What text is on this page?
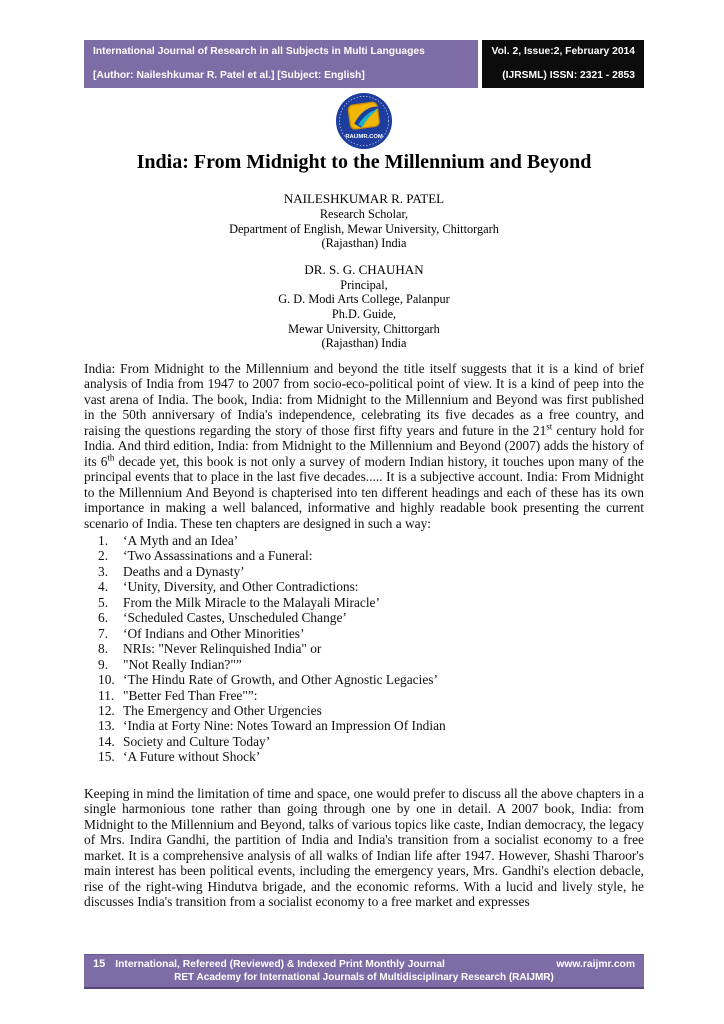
International Journal of Research in all Subjects in Multi Languages
[Author: Naileshkumar R. Patel et al.] [Subject: English]
Vol. 2, Issue:2, February 2014
(IJRSML) ISSN: 2321 - 2853
RAIJMR.COM
India: From Midnight to the Millennium and Beyond
NAILESHKUMAR R. PATEL
Research Scholar,
Department of English, Mewar University, Chittorgarh
(Rajasthan) India
DR. S. G. CHAUHAN
Principal,
G. D. Modi Arts College, Palanpur
Ph.D. Guide,
Mewar University, Chittorgarh
(Rajasthan) India

India: From Midnight to the Millennium and beyond the title itself suggests that it is a kind of brief analysis of India from 1947 to 2007 from socio-eco-political point of view. It is a kind of peep into the vast arena of India. The book, India: from Midnight to the Millennium and Beyond was first published in the 50th anniversary of India's independence, celebrating its five decades as a free country, and raising the questions regarding the story of those first fifty years and future in the 21st century hold for India. And third edition, India: from Midnight to the Millennium and Beyond (2007) adds the history of its 6th decade yet, this book is not only a survey of modern Indian history, it touches upon many of the principal events that to place in the last five decades..... It is a subjective account. India: From Midnight to the Millennium And Beyond is chapterised into ten different headings and each of these has its own importance in making a well balanced, informative and highly readable book presenting the current scenario of India. These ten chapters are designed in such a way:

1.	‘A Myth and an Idea’
2.	‘Two Assassinations and a Funeral:
3.	Deaths and a Dynasty’
4.	‘Unity, Diversity, and Other Contradictions:
5.	From the Milk Miracle to the Malayali Miracle’
6.	‘Scheduled Castes, Unscheduled Change’
7.	‘Of Indians and Other Minorities’
8.	NRIs: "Never Relinquished India" or
9.	"Not Really Indian?"”
10. ‘The Hindu Rate of Growth, and Other Agnostic Legacies’
11. "Better Fed Than Free"”:
12. The Emergency and Other Urgencies
13. ‘India at Forty Nine: Notes Toward an Impression Of Indian
14. Society and Culture Today’
15. ‘A Future without Shock’

Keeping in mind the limitation of time and space, one would prefer to discuss all the above chapters in a single harmonious tone rather than going through one by one in detail. A 2007 book, India: from Midnight to the Millennium and Beyond, talks of various topics like caste, Indian democracy, the legacy of Mrs. Indira Gandhi, the partition of India and India's transition from a socialist economy to a free market. It is a comprehensive analysis of all walks of Indian life after 1947. However, Shashi Tharoor's main interest has been political events, including the emergency years, Mrs. Gandhi's election debacle, rise of the right-wing Hindutva brigade, and the economic reforms. With a lucid and lively style, he discusses India's transition from a socialist economy to a free market and expresses

15 International, Refereed (Reviewed) & Indexed Print Monthly Journal	www.raijmr.com
RET Academy for International Journals of Multidisciplinary Research (RAIJMR)
